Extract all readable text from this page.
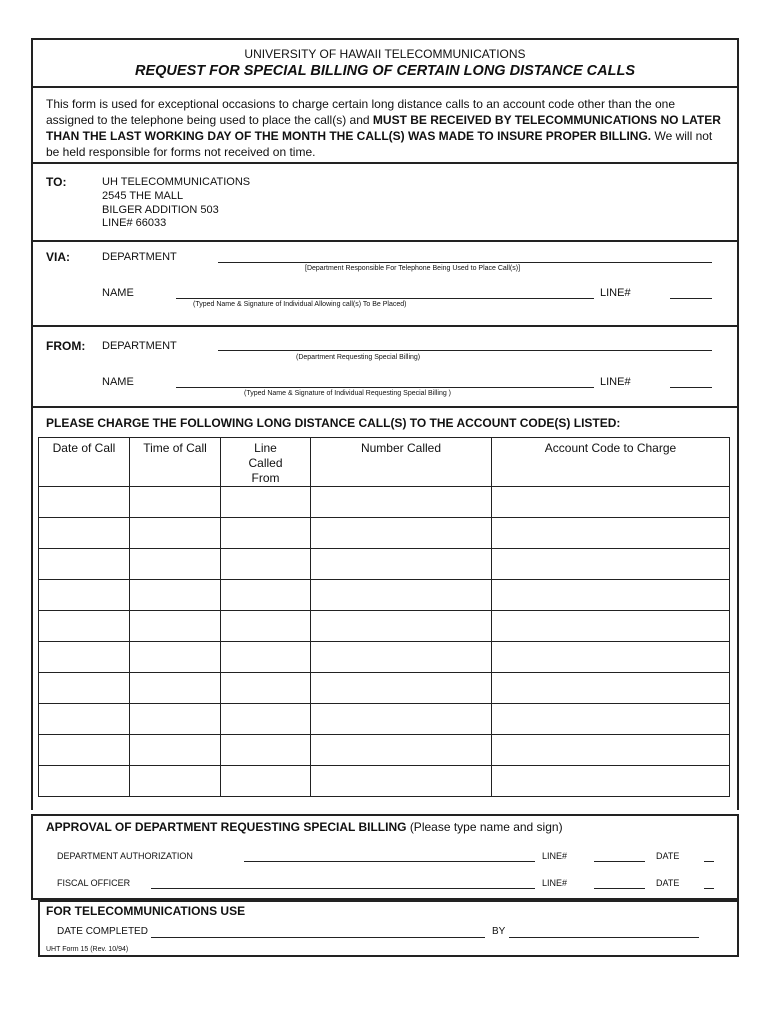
UNIVERSITY OF HAWAII TELECOMMUNICATIONS
REQUEST FOR SPECIAL BILLING OF CERTAIN LONG DISTANCE CALLS
This form is used for exceptional occasions to charge certain long distance calls to an account code other than the one assigned to the telephone being used to place the call(s) and MUST BE RECEIVED BY TELECOMMUNICATIONS NO LATER THAN THE LAST WORKING DAY OF THE MONTH THE CALL(S) WAS MADE TO INSURE PROPER BILLING. We will not be held responsible for forms not received on time.
TO:	UH TELECOMMUNICATIONS
2545 THE MALL
BILGER ADDITION 503
LINE# 66033
VIA:	DEPARTMENT
[Department Responsible For Telephone Being Used to Place Call(s)]
NAME
(Typed Name & Signature of Individual Allowing call(s) To Be Placed)
LINE#
FROM: DEPARTMENT
(Department Requesting Special Billing)
NAME
(Typed Name & Signature of Individual Requesting Special Billing )
LINE#
PLEASE CHARGE THE FOLLOWING LONG DISTANCE CALL(S) TO THE ACCOUNT CODE(S) LISTED:
Date of Call	Time of Call	Line Called From	Number Called	Account Code to Charge

APPROVAL OF DEPARTMENT REQUESTING SPECIAL BILLING (Please type name and sign)
DEPARTMENT AUTHORIZATION	LINE#	DATE
FISCAL OFFICER	LINE#	DATE
FOR TELECOMMUNICATIONS USE
DATE COMPLETED	BY
UHT Form 15 (Rev. 10/94)
